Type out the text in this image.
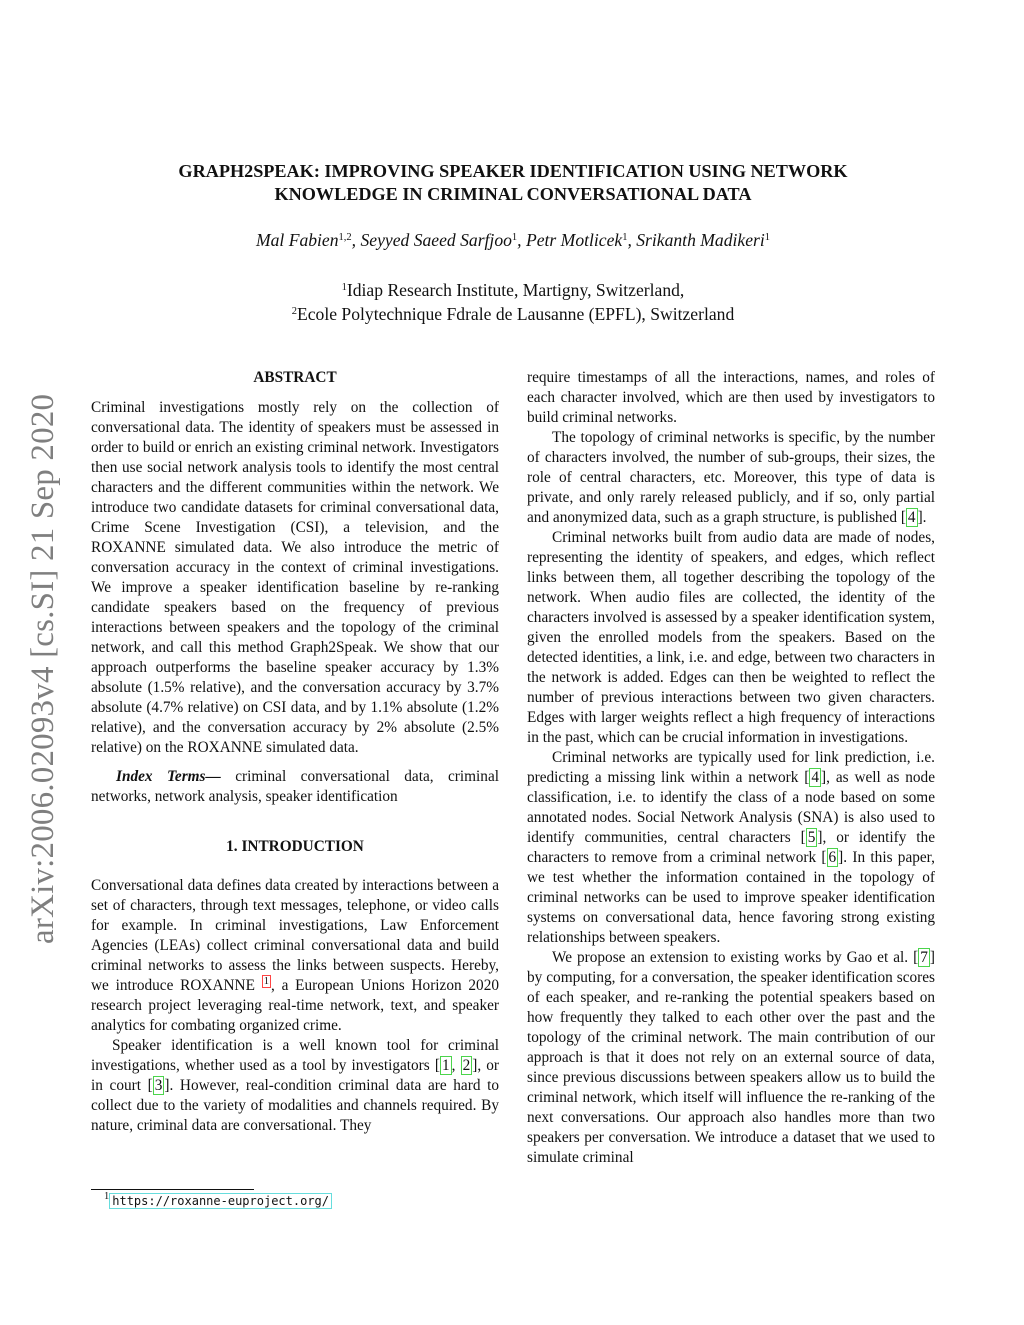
arXiv:2006.02093v4 [cs.SI] 21 Sep 2020
GRAPH2SPEAK: IMPROVING SPEAKER IDENTIFICATION USING NETWORK
KNOWLEDGE IN CRIMINAL CONVERSATIONAL DATA
Mal Fabien$^{1,2}$, Seyyed Saeed Sarfjoo$^1$, Petr Motlicek$^1$, Srikanth Madikeri$^1$
$^1$Idiap Research Institute, Martigny, Switzerland,
$^2$Ecole Polytechnique Fdrale de Lausanne (EPFL), Switzerland
ABSTRACT

Criminal investigations mostly rely on the collection of conversational data. The identity of speakers must be assessed in order to build or enrich an existing criminal network. Investigators then use social network analysis tools to identify the most central characters and the different communities within the network. We introduce two candidate datasets for criminal conversational data, Crime Scene Investigation (CSI), a television, and the ROXANNE simulated data. We also introduce the metric of conversation accuracy in the context of criminal investigations. We improve a speaker identification baseline by re-ranking candidate speakers based on the frequency of previous interactions between speakers and the topology of the criminal network, and call this method Graph2Speak. We show that our approach outperforms the baseline speaker accuracy by 1.3% absolute (1.5% relative), and the conversation accuracy by 3.7% absolute (4.7% relative) on CSI data, and by 1.1% absolute (1.2% relative), and the conversation accuracy by 2% absolute (2.5% relative) on the ROXANNE simulated data.

Index Terms— criminal conversational data, criminal networks, network analysis, speaker identification

1. INTRODUCTION

Conversational data defines data created by interactions between a set of characters, through text messages, telephone, or video calls for example. In criminal investigations, Law Enforcement Agencies (LEAs) collect criminal conversational data and build criminal networks to assess the links between suspects. Hereby, we introduce ROXANNE $^1$ , a European Unions Horizon 2020 research project leveraging real-time network, text, and speaker analytics for combating organized crime.

Speaker identification is a well known tool for criminal investigations, whether used as a tool by investigators [ 1 , 2 ], or in court [ 3 ]. However, real-condition criminal data are hard to collect due to the variety of modalities and channels required. By nature, criminal data are conversational. They

require timestamps of all the interactions, names, and roles of each character involved, which are then used by investigators to build criminal networks.

The topology of criminal networks is specific, by the number of characters involved, the number of sub-groups, their sizes, the role of central characters, etc. Moreover, this type of data is private, and only rarely released publicly, and if so, only partial and anonymized data, such as a graph structure, is published [ 4 ].

Criminal networks built from audio data are made of nodes, representing the identity of speakers, and edges, which reflect links between them, all together describing the topology of the network. When audio files are collected, the identity of the characters involved is assessed by a speaker identification system, given the enrolled models from the speakers. Based on the detected identities, a link, i.e. and edge, between two characters in the network is added. Edges can then be weighted to reflect the number of previous interactions between two given characters. Edges with larger weights reflect a high frequency of interactions in the past, which can be crucial information in investigations.

Criminal networks are typically used for link prediction, i.e. predicting a missing link within a network [ 4 ], as well as node classification, i.e. to identify the class of a node based on some annotated nodes. Social Network Analysis (SNA) is also used to identify communities, central characters [ 5 ], or identify the characters to remove from a criminal network [ 6 ]. In this paper, we test whether the information contained in the topology of criminal networks can be used to improve speaker identification systems on conversational data, hence favoring strong existing relationships between speakers.

We propose an extension to existing works by Gao et al. [ 7 ] by computing, for a conversation, the speaker identification scores of each speaker, and re-ranking the potential speakers based on how frequently they talked to each other over the past and the topology of the criminal network. The main contribution of our approach is that it does not rely on an external source of data, since previous discussions between speakers allow us to build the criminal network, which itself will influence the re-ranking of the next conversations. Our approach also handles more than two speakers per conversation. We introduce a dataset that we used to simulate criminal

$^1$ https://roxanne-euproject.org/
